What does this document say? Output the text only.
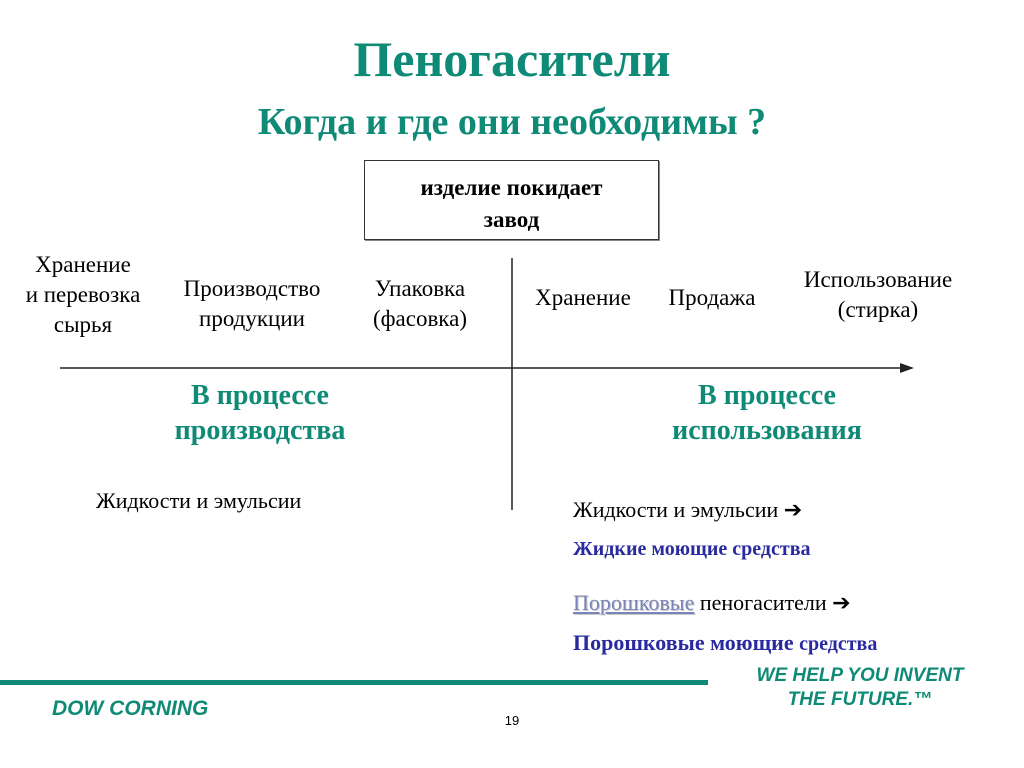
Пеногасители
Когда и где они необходимы ?
изделие покидает
завод
Хранение
и перевозка
сырья
Производство
продукции
Упаковка
(фасовка)
Хранение	Продажа
Использование
(стирка)
В процессе
производства
Жидкости и эмульсии
В процессе
использования
Жидкости и эмульсии ➔
Жидкие моющие средства
Порошковые пеногасители ➔
Порошковые моющие средства
WE HELP YOU INVENT
THE FUTURE.™
DOW CORNING
19
